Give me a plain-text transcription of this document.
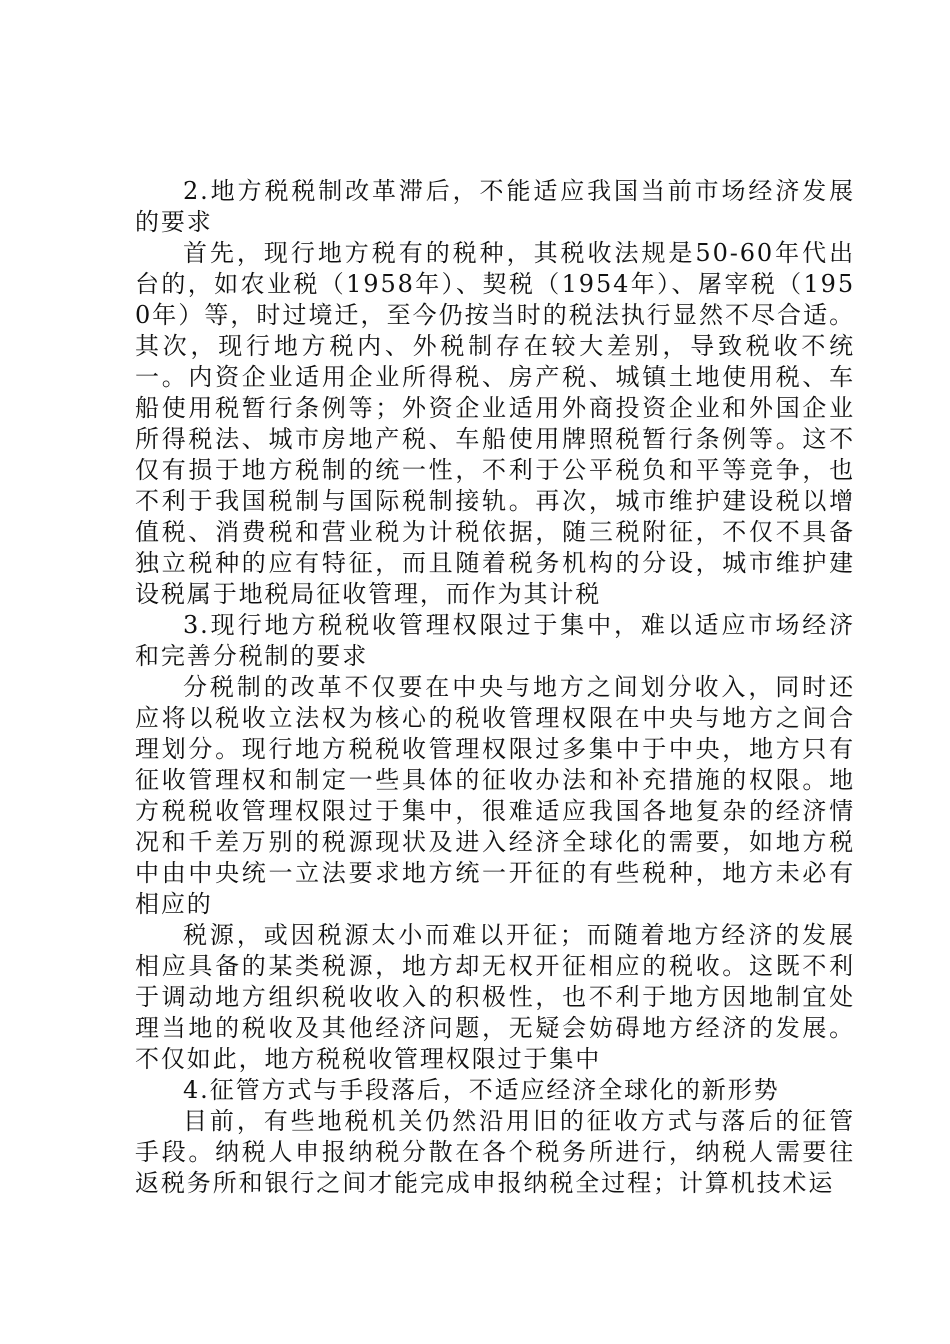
2.地方税税制改革滞后，不能适应我国当前市场经济发展的要求

首先，现行地方税有的税种，其税收法规是50-60年代出台的，如农业税（1958年）、契税（1954年）、屠宰税（1950年）等，时过境迁，至今仍按当时的税法执行显然不尽合适。其次，现行地方税内、外税制存在较大差别，导致税收不统一。内资企业适用企业所得税、房产税、城镇土地使用税、车船使用税暂行条例等；外资企业适用外商投资企业和外国企业所得税法、城市房地产税、车船使用牌照税暂行条例等。这不仅有损于地方税制的统一性，不利于公平税负和平等竞争，也不利于我国税制与国际税制接轨。再次，城市维护建设税以增值税、消费税和营业税为计税依据，随三税附征，不仅不具备独立税种的应有特征，而且随着税务机构的分设，城市维护建设税属于地税局征收管理，而作为其计税

3.现行地方税税收管理权限过于集中，难以适应市场经济和完善分税制的要求

分税制的改革不仅要在中央与地方之间划分收入，同时还应将以税收立法权为核心的税收管理权限在中央与地方之间合理划分。现行地方税税收管理权限过多集中于中央，地方只有征收管理权和制定一些具体的征收办法和补充措施的权限。地方税税收管理权限过于集中，很难适应我国各地复杂的经济情况和千差万别的税源现状及进入经济全球化的需要，如地方税中由中央统一立法要求地方统一开征的有些税种，地方未必有相应的

税源，或因税源太小而难以开征；而随着地方经济的发展相应具备的某类税源，地方却无权开征相应的税收。这既不利于调动地方组织税收收入的积极性，也不利于地方因地制宜处理当地的税收及其他经济问题，无疑会妨碍地方经济的发展。不仅如此，地方税税收管理权限过于集中

4.征管方式与手段落后，不适应经济全球化的新形势

目前，有些地税机关仍然沿用旧的征收方式与落后的征管手段。纳税人申报纳税分散在各个税务所进行，纳税人需要往返税务所和银行之间才能完成申报纳税全过程；计算机技术运
